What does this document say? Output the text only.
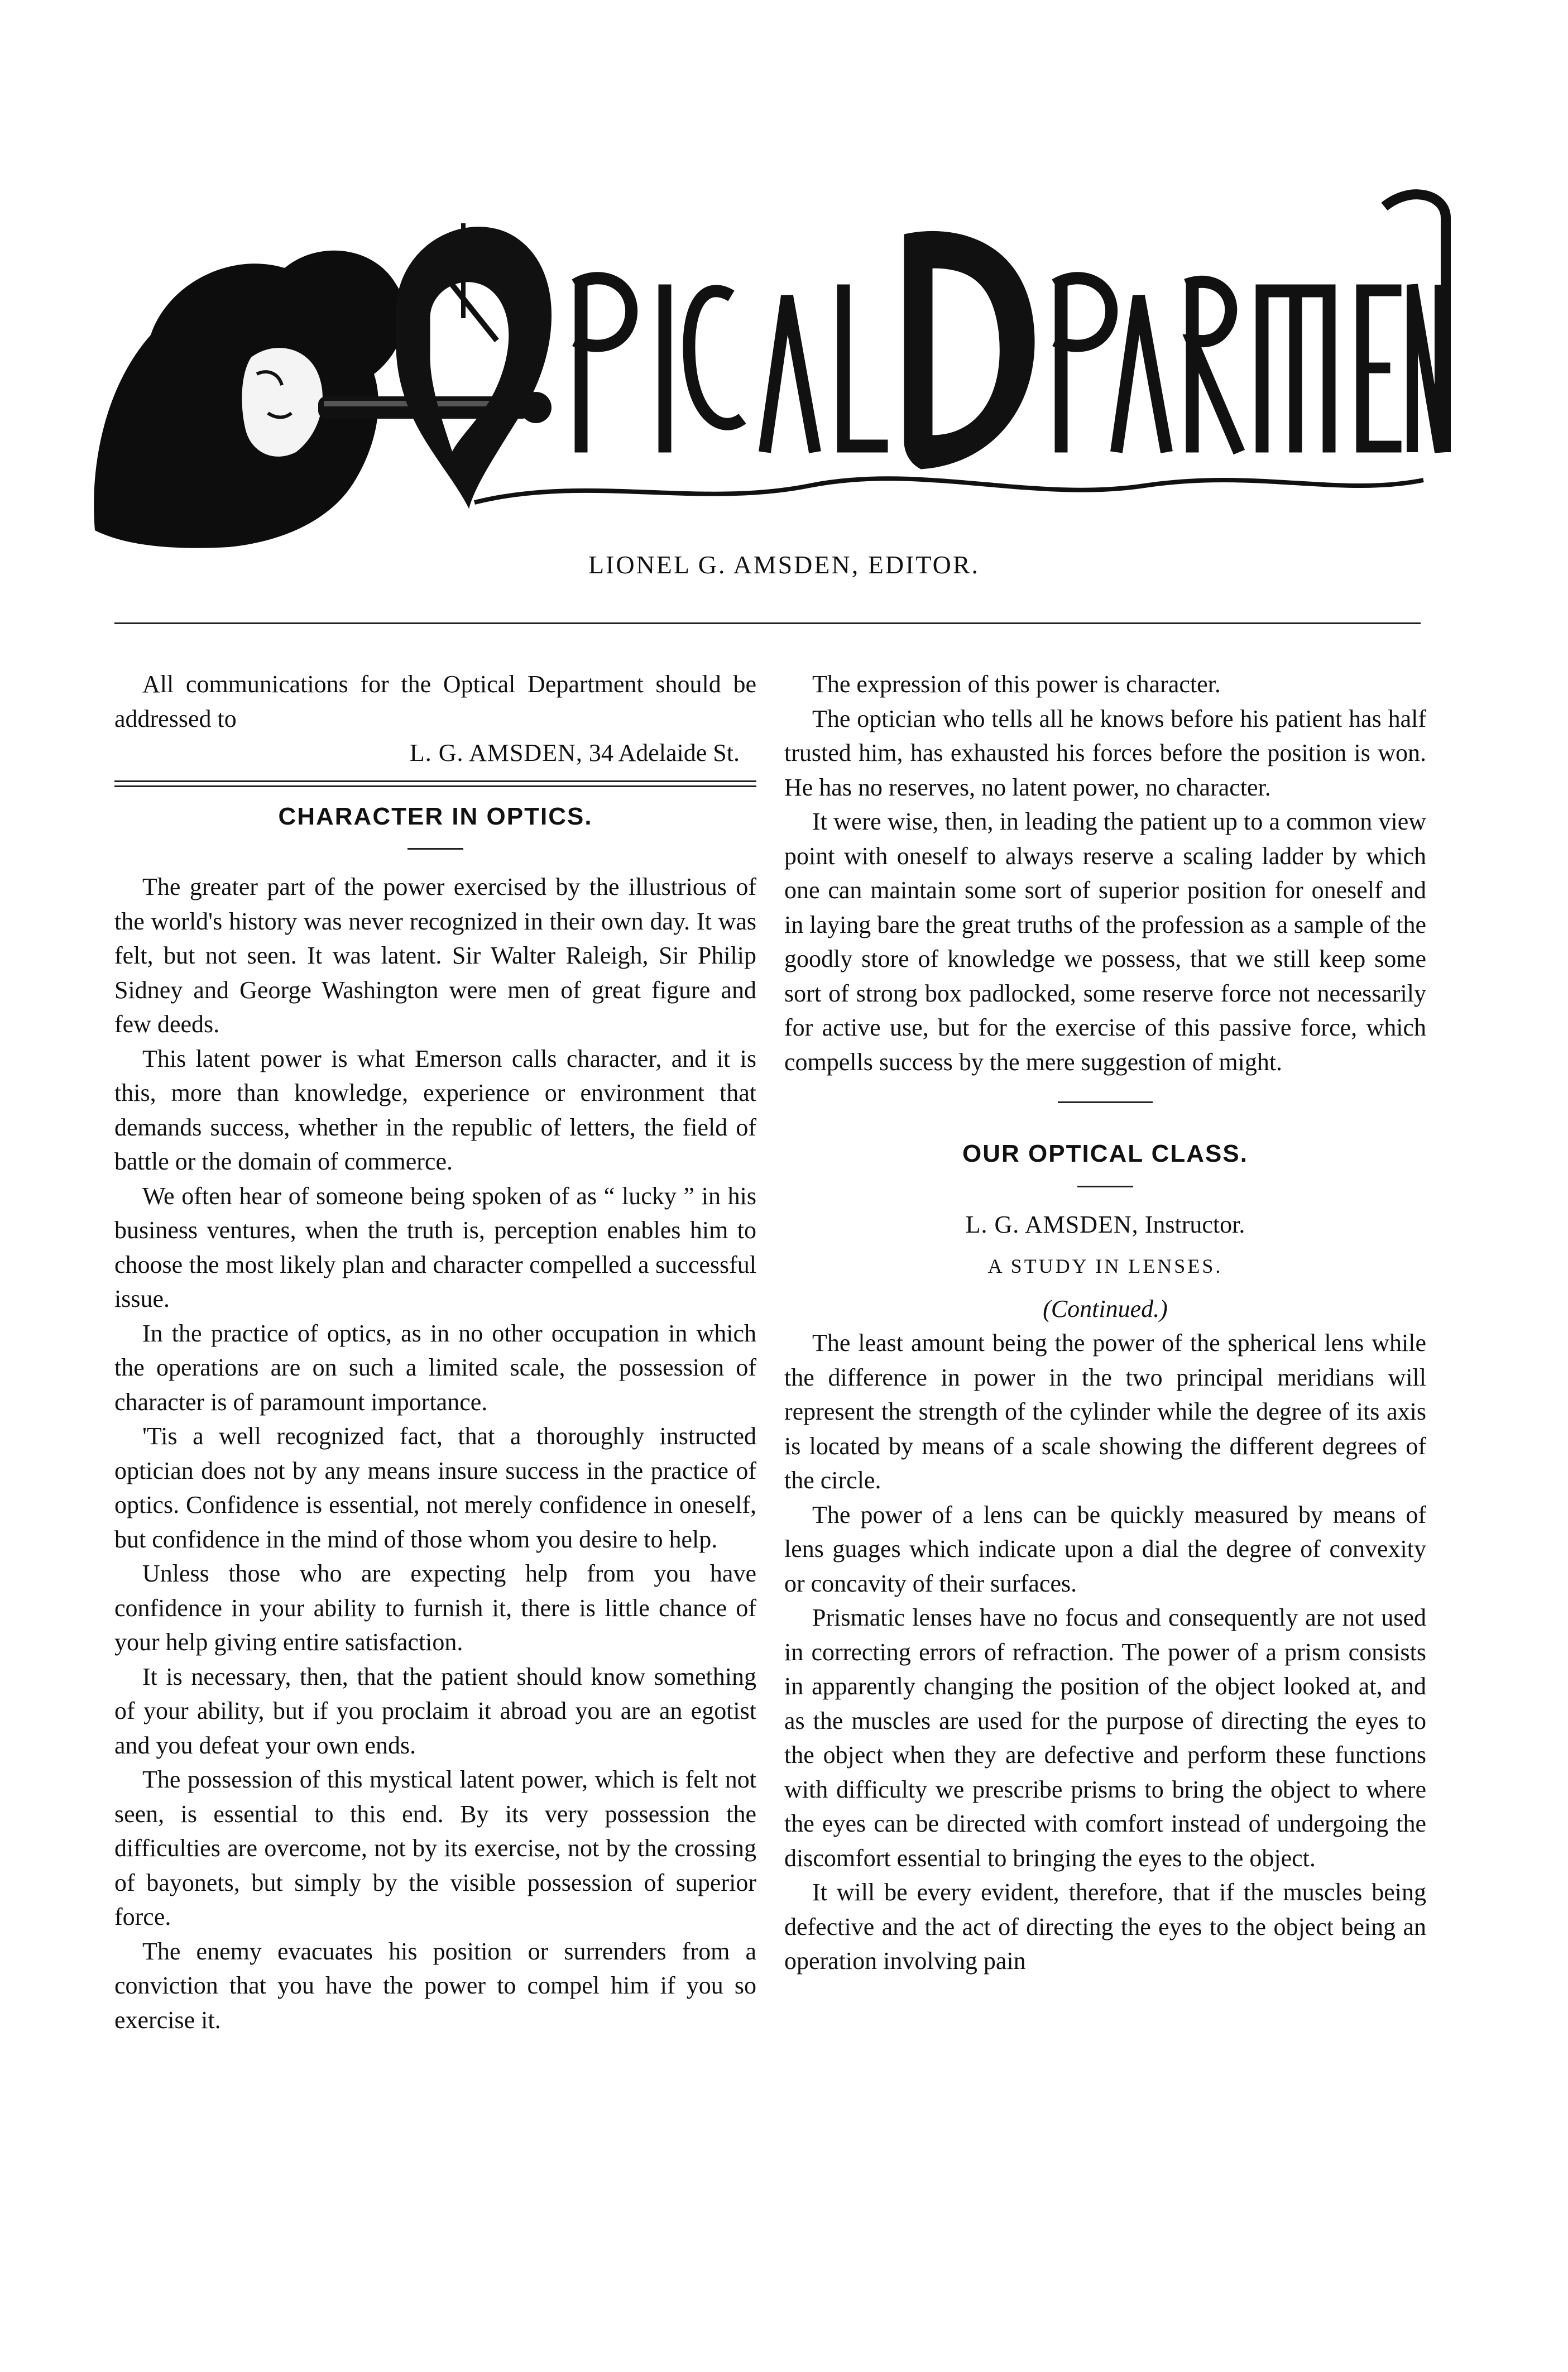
LIONEL G. AMSDEN, EDITOR.

All communications for the Optical Department should be addressed to

L. G. AMSDEN, 34 Adelaide St.
CHARACTER IN OPTICS.

The greater part of the power exercised by the illustrious of the world's history was never recognized in their own day. It was felt, but not seen. It was latent. Sir Walter Raleigh, Sir Philip Sidney and George Washington were men of great figure and few deeds.

This latent power is what Emerson calls character, and it is this, more than knowledge, experience or environment that demands success, whether in the republic of letters, the field of battle or the domain of commerce.

We often hear of someone being spoken of as “ lucky ” in his business ventures, when the truth is, perception enables him to choose the most likely plan and character compelled a successful issue.

In the practice of optics, as in no other occupation in which the operations are on such a limited scale, the possession of character is of paramount importance.

'Tis a well recognized fact, that a thoroughly instructed optician does not by any means insure success in the practice of optics. Confidence is essential, not merely confidence in oneself, but confidence in the mind of those whom you desire to help.

Unless those who are expecting help from you have confidence in your ability to furnish it, there is little chance of your help giving entire satisfaction.

It is necessary, then, that the patient should know something of your ability, but if you proclaim it abroad you are an egotist and you defeat your own ends.

The possession of this mystical latent power, which is felt not seen, is essential to this end. By its very possession the difficulties are overcome, not by its exercise, not by the crossing of bayonets, but simply by the visible possession of superior force.

The enemy evacuates his position or surrenders from a conviction that you have the power to compel him if you so exercise it.

The expression of this power is character.

The optician who tells all he knows before his patient has half trusted him, has exhausted his forces before the position is won. He has no reserves, no latent power, no character.

It were wise, then, in leading the patient up to a common view point with oneself to always reserve a scaling ladder by which one can maintain some sort of superior position for oneself and in laying bare the great truths of the profession as a sample of the goodly store of knowledge we possess, that we still keep some sort of strong box padlocked, some reserve force not necessarily for active use, but for the exercise of this passive force, which compells success by the mere suggestion of might.

OUR OPTICAL CLASS.
L. G. AMSDEN, Instructor.
A STUDY IN LENSES.
(Continued.)

The least amount being the power of the spherical lens while the difference in power in the two principal meridians will represent the strength of the cylinder while the degree of its axis is located by means of a scale showing the different degrees of the circle.

The power of a lens can be quickly measured by means of lens guages which indicate upon a dial the degree of convexity or concavity of their surfaces.

Prismatic lenses have no focus and consequently are not used in correcting errors of refraction. The power of a prism consists in apparently changing the position of the object looked at, and as the muscles are used for the purpose of directing the eyes to the object when they are defective and perform these functions with difficulty we prescribe prisms to bring the object to where the eyes can be directed with comfort instead of undergoing the discomfort essential to bringing the eyes to the object.

It will be every evident, therefore, that if the muscles being defective and the act of directing the eyes to the object being an operation involving pain
